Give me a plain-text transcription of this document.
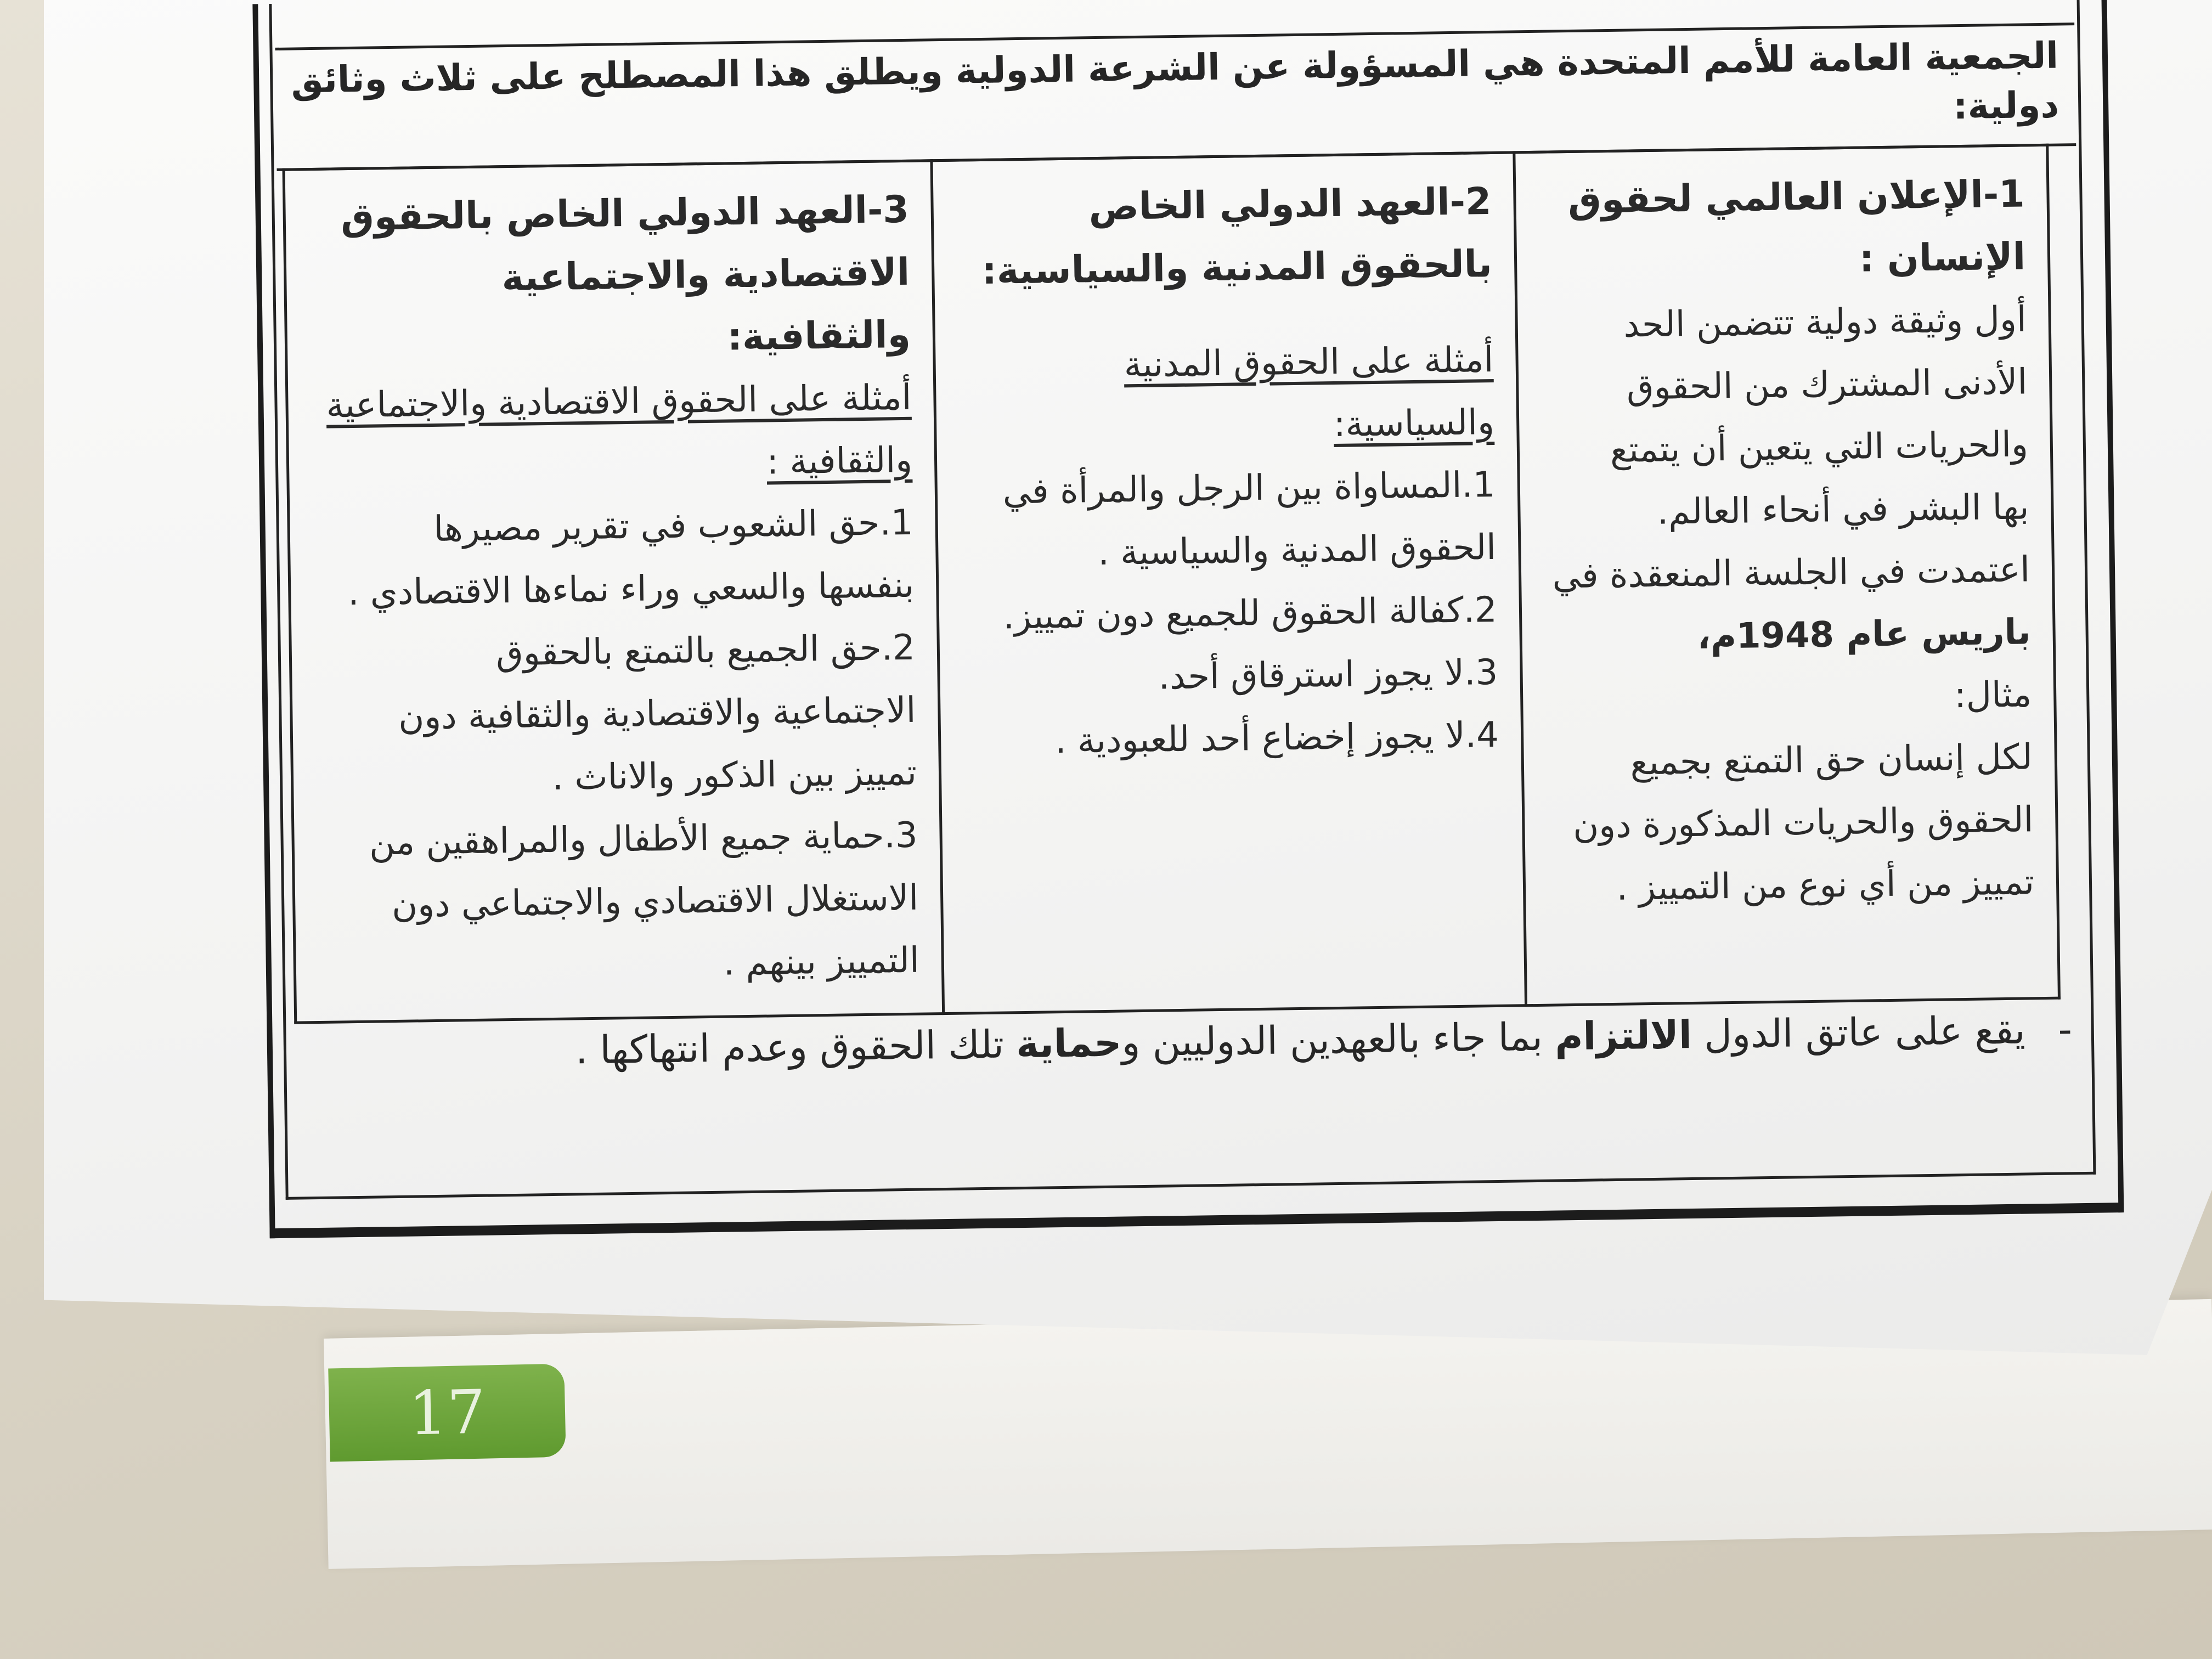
17
الجمعية العامة للأمم المتحدة هي المسؤولة عن الشرعة الدولية ويطلق هذا المصطلح على ثلاث وثائق دولية:
1-الإعلان العالمي لحقوق الإنسان :
أول وثيقة دولية تتضمن الحد
الأدنى المشترك من الحقوق
والحريات التي يتعين أن يتمتع
بها البشر في أنحاء العالم.
اعتمدت في الجلسة المنعقدة في
باريس عام 1948م،
مثال:
لكل إنسان حق التمتع بجميع
الحقوق والحريات المذكورة دون
تمييز من أي نوع من التمييز .

2-العهد الدولي الخاص بالحقوق المدنية والسياسية:
أمثلة على الحقوق المدنية والسياسية:
1.المساواة بين الرجل والمرأة في
الحقوق المدنية والسياسية .
2.كفالة الحقوق للجميع دون تمييز.
3.لا يجوز استرقاق أحد.
4.لا يجوز إخضاع أحد للعبودية .

3-العهد الدولي الخاص بالحقوق الاقتصادية والاجتماعية والثقافية:
أمثلة على الحقوق الاقتصادية والاجتماعية والثقافية :
1.حق الشعوب في تقرير مصيرها
بنفسها والسعي وراء نماءها الاقتصادي .
2.حق الجميع بالتمتع بالحقوق
الاجتماعية والاقتصادية والثقافية دون
تمييز بين الذكور والاناث .
3.حماية جميع الأطفال والمراهقين من
الاستغلال الاقتصادي والاجتماعي دون
التمييز بينهم .
-يقع على عاتق الدول الالتزام بما جاء بالعهدين الدوليين وحماية تلك الحقوق وعدم انتهاكها .
